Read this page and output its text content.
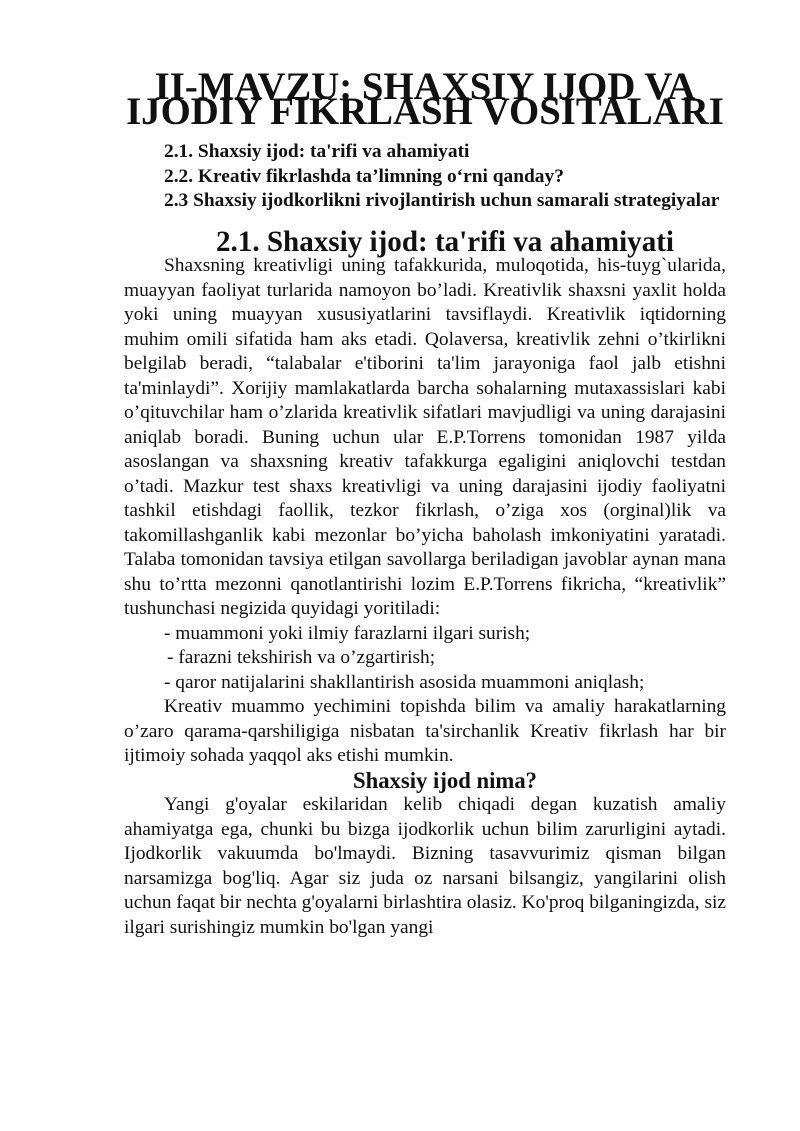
II-MAVZU: SHAXSIY IJOD VA IJODIY FIKRLASH VOSITALARI

2.1. Shaxsiy ijod: ta'rifi va ahamiyati

2.2. Kreativ fikrlashda ta’limning o‘rni qanday?

2.3 Shaxsiy ijodkorlikni rivojlantirish uchun samarali strategiyalar

2.1. Shaxsiy ijod: ta'rifi va ahamiyati

Shaxsning kreativligi uning tafakkurida, muloqotida, his-tuyg`ularida, muayyan faoliyat turlarida namoyon bo’ladi. Kreativlik shaxsni yaxlit holda yoki uning muayyan xususiyatlarini tavsiflaydi. Kreativlik iqtidorning muhim omili sifatida ham aks etadi. Qolaversa, kreativlik zehni o’tkirlikni belgilab beradi, “talabalar e'tiborini ta'lim jarayoniga faol jalb etishni ta'minlaydi”. Xorijiy mamlakatlarda barcha sohalarning mutaxassislari kabi o’qituvchilar ham o’zlarida kreativlik sifatlari mavjudligi va uning darajasini aniqlab boradi. Buning uchun ular E.P.Torrens tomonidan 1987 yilda asoslangan va shaxsning kreativ tafakkurga egaligini aniqlovchi testdan o’tadi. Mazkur test shaxs kreativligi va uning darajasini ijodiy faoliyatni tashkil etishdagi faollik, tezkor fikrlash, o’ziga xos (orginal)lik va takomillashganlik kabi mezonlar bo’yicha baholash imkoniyatini yaratadi. Talaba tomonidan tavsiya etilgan savollarga beriladigan javoblar aynan mana shu to’rtta mezonni qanotlantirishi lozim E.P.Torrens fikricha, “kreativlik” tushunchasi negizida quyidagi yoritiladi:

- muammoni yoki ilmiy farazlarni ilgari surish;

- farazni tekshirish va o’zgartirish;

- qaror natijalarini shakllantirish asosida muammoni aniqlash;

Kreativ muammo yechimini topishda bilim va amaliy harakatlarning o’zaro qarama-qarshiligiga nisbatan ta'sirchanlik Kreativ fikrlash har bir ijtimoiy sohada yaqqol aks etishi mumkin.

Shaxsiy ijod nima?

Yangi g'oyalar eskilaridan kelib chiqadi degan kuzatish amaliy ahamiyatga ega, chunki bu bizga ijodkorlik uchun bilim zarurligini aytadi. Ijodkorlik vakuumda bo'lmaydi. Bizning tasavvurimiz qisman bilgan narsamizga bog'liq. Agar siz juda oz narsani bilsangiz, yangilarini olish uchun faqat bir nechta g'oyalarni birlashtira olasiz. Ko'proq bilganingizda, siz ilgari surishingiz mumkin bo'lgan yangi
